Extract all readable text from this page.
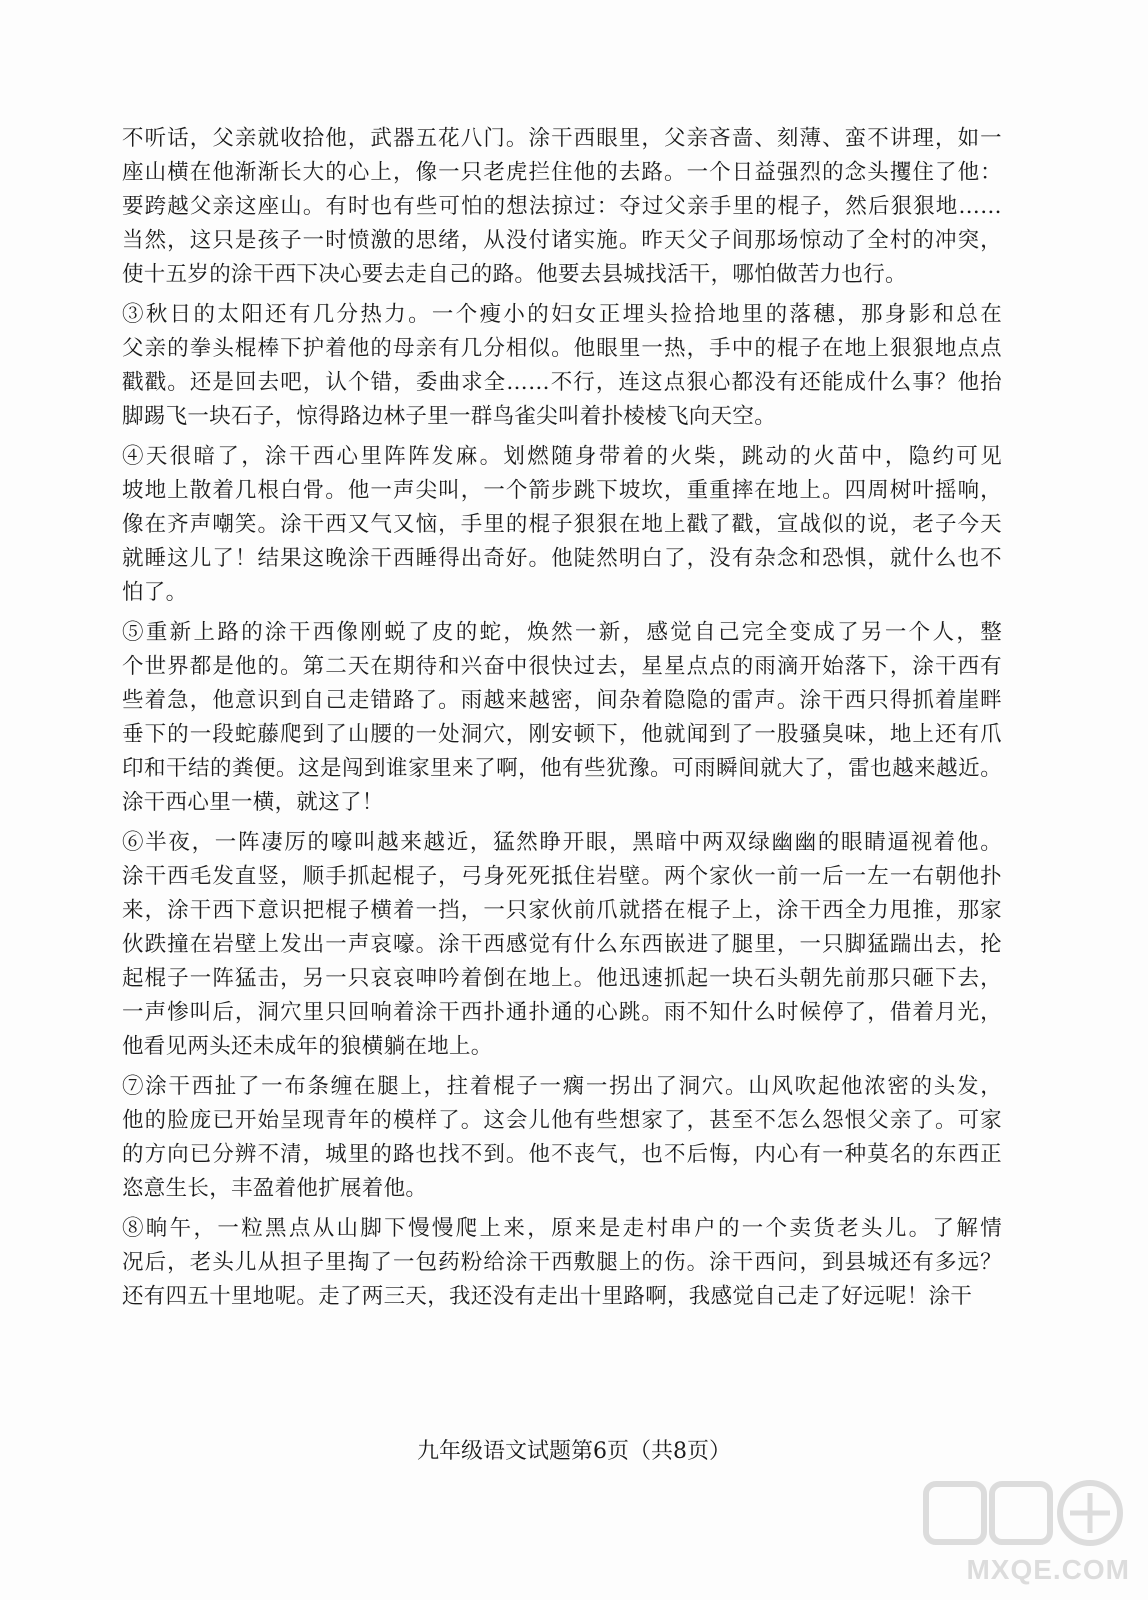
不听话，父亲就收拾他，武器五花八门。涂干西眼里，父亲吝啬、刻薄、蛮不讲理，如一
座山横在他渐渐长大的心上，像一只老虎拦住他的去路。一个日益强烈的念头攫住了他：
要跨越父亲这座山。有时也有些可怕的想法掠过：夺过父亲手里的棍子，然后狠狠地……
当然，这只是孩子一时愤激的思绪，从没付诸实施。昨天父子间那场惊动了全村的冲突，
使十五岁的涂干西下决心要去走自己的路。他要去县城找活干，哪怕做苦力也行。
③秋日的太阳还有几分热力。一个瘦小的妇女正埋头捡拾地里的落穗，那身影和总在
父亲的拳头棍棒下护着他的母亲有几分相似。他眼里一热，手中的棍子在地上狠狠地点点
戳戳。还是回去吧，认个错，委曲求全……不行，连这点狠心都没有还能成什么事？他抬
脚踢飞一块石子，惊得路边林子里一群鸟雀尖叫着扑棱棱飞向天空。
④天很暗了，涂干西心里阵阵发麻。划燃随身带着的火柴，跳动的火苗中，隐约可见
坡地上散着几根白骨。他一声尖叫，一个箭步跳下坡坎，重重摔在地上。四周树叶摇响，
像在齐声嘲笑。涂干西又气又恼，手里的棍子狠狠在地上戳了戳，宣战似的说，老子今天
就睡这儿了！结果这晚涂干西睡得出奇好。他陡然明白了，没有杂念和恐惧，就什么也不
怕了。
⑤重新上路的涂干西像刚蜕了皮的蛇，焕然一新，感觉自己完全变成了另一个人，整
个世界都是他的。第二天在期待和兴奋中很快过去，星星点点的雨滴开始落下，涂干西有
些着急，他意识到自己走错路了。雨越来越密，间杂着隐隐的雷声。涂干西只得抓着崖畔
垂下的一段蛇藤爬到了山腰的一处洞穴，刚安顿下，他就闻到了一股骚臭味，地上还有爪
印和干结的粪便。这是闯到谁家里来了啊，他有些犹豫。可雨瞬间就大了，雷也越来越近。
涂干西心里一横，就这了！
⑥半夜，一阵凄厉的嚎叫越来越近，猛然睁开眼，黑暗中两双绿幽幽的眼睛逼视着他。
涂干西毛发直竖，顺手抓起棍子，弓身死死抵住岩壁。两个家伙一前一后一左一右朝他扑
来，涂干西下意识把棍子横着一挡，一只家伙前爪就搭在棍子上，涂干西全力甩推，那家
伙跌撞在岩壁上发出一声哀嚎。涂干西感觉有什么东西嵌进了腿里，一只脚猛踹出去，抡
起棍子一阵猛击，另一只哀哀呻吟着倒在地上。他迅速抓起一块石头朝先前那只砸下去，
一声惨叫后，洞穴里只回响着涂干西扑通扑通的心跳。雨不知什么时候停了，借着月光，
他看见两头还未成年的狼横躺在地上。
⑦涂干西扯了一布条缠在腿上，拄着棍子一瘸一拐出了洞穴。山风吹起他浓密的头发，
他的脸庞已开始呈现青年的模样了。这会儿他有些想家了，甚至不怎么怨恨父亲了。可家
的方向已分辨不清，城里的路也找不到。他不丧气，也不后悔，内心有一种莫名的东西正
恣意生长，丰盈着他扩展着他。
⑧晌午，一粒黑点从山脚下慢慢爬上来，原来是走村串户的一个卖货老头儿。了解情
况后，老头儿从担子里掏了一包药粉给涂干西敷腿上的伤。涂干西问，到县城还有多远？
还有四五十里地呢。走了两三天，我还没有走出十里路啊，我感觉自己走了好远呢！涂干
九年级语文试题第6页（共8页）
MXQE.COM
